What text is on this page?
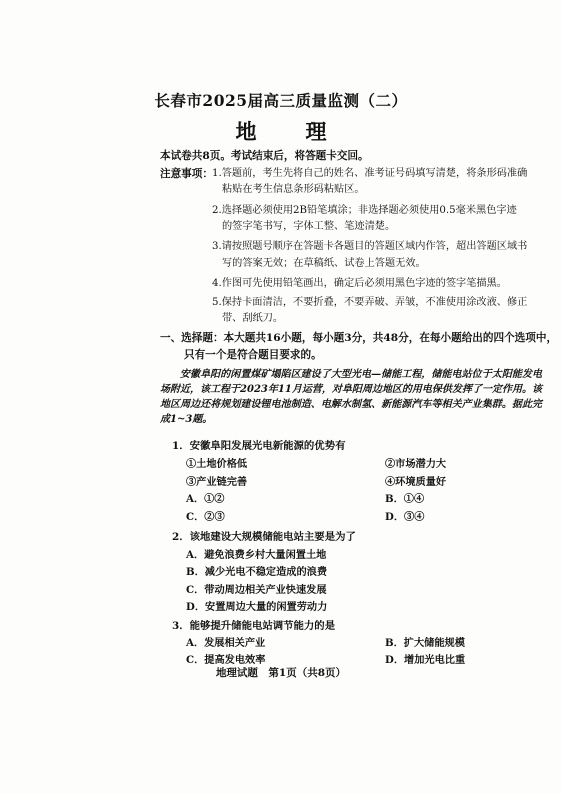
长春市2025届高三质量监测（二）
地　理
本试卷共8页。考试结束后，将答题卡交回。
注意事项： 1.答题前，考生先将自己的姓名、准考证号码填写清楚，将条形码准确
粘贴在考生信息条形码粘贴区。
2.选择题必须使用2B铅笔填涂；非选择题必须使用0.5毫米黑色字迹
的签字笔书写，字体工整、笔迹清楚。
3.请按照题号顺序在答题卡各题目的答题区域内作答，超出答题区域书
写的答案无效；在草稿纸、试卷上答题无效。
4.作图可先使用铅笔画出，确定后必须用黑色字迹的签字笔描黑。
5.保持卡面清洁，不要折叠，不要弄破、弄皱，不准使用涂改液、修正
带、刮纸刀。
一、选择题：本大题共16小题，每小题3分，共48分，在每小题给出的四个选项中，
只有一个是符合题目要求的。
安徽阜阳的闲置煤矿塌陷区建设了大型光电—储能工程，储能电站位于太阳能发电场附近，该工程于2023年11月运营，对阜阳周边地区的用电保供发挥了一定作用。该地区周边还将规划建设锂电池制造、电解水制氢、新能源汽车等相关产业集群。据此完成1~3题。
1．安徽阜阳发展光电新能源的优势有
①土地价格低	②市场潜力大
③产业链完善	④环境质量好
A．①②	B．①④
C．②③	D．③④
2．该地建设大规模储能电站主要是为了
A．避免浪费乡村大量闲置土地
B．减少光电不稳定造成的浪费
C．带动周边相关产业快速发展
D．安置周边大量的闲置劳动力
3．能够提升储能电站调节能力的是
A．发展相关产业	B．扩大储能规模
C．提高发电效率	D．增加光电比重
地理试题　第1页（共8页）
